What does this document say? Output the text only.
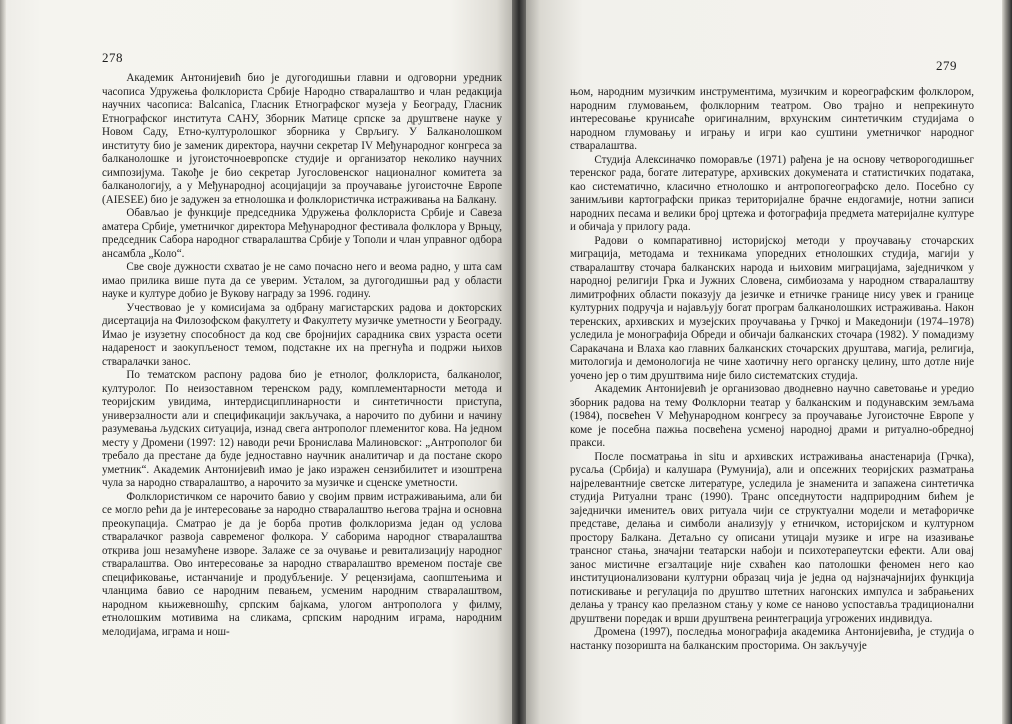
278

Академик Антонијевић био је дугогодишњи главни и одговорни уредник часописа Удружења фолклориста Србије Народно стваралаштво и члан редакција научних часописа: Balcanica, Гласник Етнографског музеја у Београду, Гласник Етнографског института САНУ, Зборник Матице српске за друштвене науке у Новом Саду, Етно-културолошког зборника у Сврљигу. У Балканолошком институту био је заменик директора, научни секретар IV Међународног конгреса за балканолошке и југоисточноевропске студије и организатор неколико научних симпозијума. Такође је био секретар Југословенског националног комитета за балканологију, а у Међународној асоцијацији за проучавање југоисточне Европе (AIESEE) био је задужен за етнолошка и фолклористичка истраживања на Балкану.

Обављао је функције председника Удружења фолклориста Србије и Савеза аматера Србије, уметничког директора Међународног фестивала фолклора у Врњцу, председник Сабора народног стваралаштва Србије у Тополи и члан управног одбора ансамбла „Коло“.

Све своје дужности схватао је не само почасно него и веома радно, у шта сам имао прилика више пута да се уверим. Усталом, за дугогодишњи рад у области науке и културе добио је Вукову награду за 1996. годину.

Учествовао је у комисијама за одбрану магистарских радова и докторских дисертација на Филозофском факултету и Факултету музичке уметности у Београду. Имао је изузетну способност да код све бројнијих сарадника свих узраста осети надареност и заокупљеност темом, подстакне их на прегнућа и подржи њихов стваралачки занос.

По тематском распону радова био је етнолог, фолклориста, балканолог, културолог. По неизоставном теренском раду, комплементарности метода и теоријским увидима, интердисциплинарности и синтетичности приступа, универзалности али и спецификацији закључака, а нарочито по дубини и начину разумевања људских ситуација, изнад свега антрополог племенитог кова. На једном месту у Дромени (1997: 12) наводи речи Бронислава Малиновског: „Антрополог би требало да престане да буде једноставно научник аналитичар и да постане скоро уметник“. Академик Антонијевић имао је јако изражен сензибилитет и изоштрена чула за народно стваралаштво, а нарочито за музичке и сценске уметности.

Фолклористичком се нарочито бавио у својим првим истраживањима, али би се могло рећи да је интересовање за народно стваралаштво његова трајна и основна преокупација. Сматрао је да је борба против фолклоризма један од услова стваралачког развоја савременог фолкора. У саборима народног стваралаштва открива још незамућене изворе. Залаже се за очување и ревитализацију народног стваралаштва. Ово интересовање за народно стваралаштво временом постаје све спецификовање, истанчаније и продубљеније. У рецензијама, саопштењима и чланцима бавио се народним певањем, усменим народним стваралаштвом, народном књижевношћу, српским бајкама, улогом антрополога у филму, етнолошким мотивима на сликама, српским народним играма, народним мелодијама, играма и нош-

279

њом, народним музичким инструментима, музичким и кореографским фолклором, народним глумовањем, фолклорним театром. Ово трајно и непрекинуто интересовање крунисаће оригиналним, врхунским синтетичким студијама о народном глумовању и игрању и игри као суштини уметничког народног стваралаштва.

Студија Алексиначко поморавље (1971) рађена је на основу четворогодишњег теренског рада, богате литературе, архивских докумената и статистичких података, као систематично, класично етнолошко и антропогеографско дело. Посебно су занимљиви картографски приказ територијалне брачне ендогамије, нотни записи народних песама и велики број цртежа и фотографија предмета материјалне културе и обичаја у прилогу рада.

Радови о компаративној историјској методи у проучавању сточарских миграција, методама и техникама упоредних етнолошких студија, магији у стваралаштву сточара балканских народа и њиховим миграцијама, заједничком у народној религији Грка и Јужних Словена, симбиозама у народном стваралаштву лимитрофних области показују да језичке и етничке границе нису увек и границе културних подручја и најављују богат програм балканолошких истраживања. Након теренских, архивских и музејских проучавања у Грчкој и Македонији (1974–1978) уследила је монографија Обреди и обичаји балканских сточара (1982). У помадизму Саракачана и Влаха као главних балканских сточарских друштава, магија, религија, митологија и демонологија не чине хаотичну него органску целину, што дотле није уочено јер о тим друштвима није било систематских студија.

Академик Антонијевић је организовао дводневно научно саветовање и уредио зборник радова на тему Фолклорни театар у балканским и подунавским земљама (1984), посвећен V Међународном конгресу за проучавање Југоисточне Европе у коме је посебна пажња посвећена усменој народној драми и ритуално-обредној пракси.

После посматрања in situ и архивских истраживања анастенарија (Грчка), русаља (Србија) и калушара (Румунија), али и опсежних теоријских разматрања најрелевантније светске литературе, уследила је знаменита и запажена синтетичка студија Ритуални транс (1990). Транс опседнутости надприродним бићем је заједнички именитељ ових ритуала чији се структуални модели и метафоричке представе, делања и симболи анализују у етничком, историјском и културном простору Балкана. Детаљно су описани утицаји музике и игре на изазивање трансног стања, значајни театарски набоји и психотерапеутски ефекти. Али овај занос мистичне егзалтације није схваћен као патолошки феномен него као институционализовани културни образац чија је једна од најзначајнијих функција потискивање и регулација по друштво штетних нагонских импулса и забрањених делања у трансу као прелазном стању у коме се наново успоставља традиционални друштвени поредак и врши друштвена реинтеграција угрожених индивидуа.

Дромена (1997), последња монографија академика Антонијевића, је студија о настанку позоришта на балканским просторима. Он закључује
